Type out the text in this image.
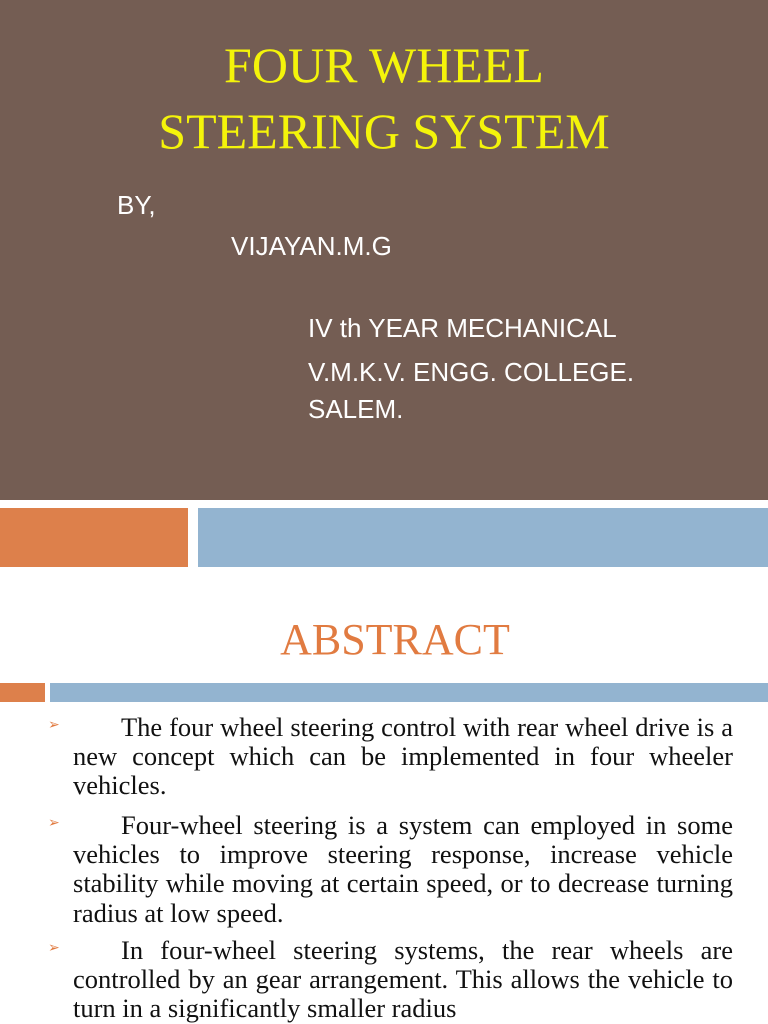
FOUR WHEEL
STEERING SYSTEM
BY,
VIJAYAN.M.G
IV th YEAR MECHANICAL
V.M.K.V. ENGG. COLLEGE.
SALEM.
ABSTRACT
➢	The four wheel steering control with rear wheel drive is a new concept which can be implemented in four wheeler vehicles.

➢	Four-wheel steering is a system can employed in some vehicles to improve steering response, increase vehicle stability while moving at certain speed, or to decrease turning radius at low speed.

➢	In four-wheel steering systems, the rear wheels are controlled by an gear arrangement. This allows the vehicle to turn in a significantly smaller radius
